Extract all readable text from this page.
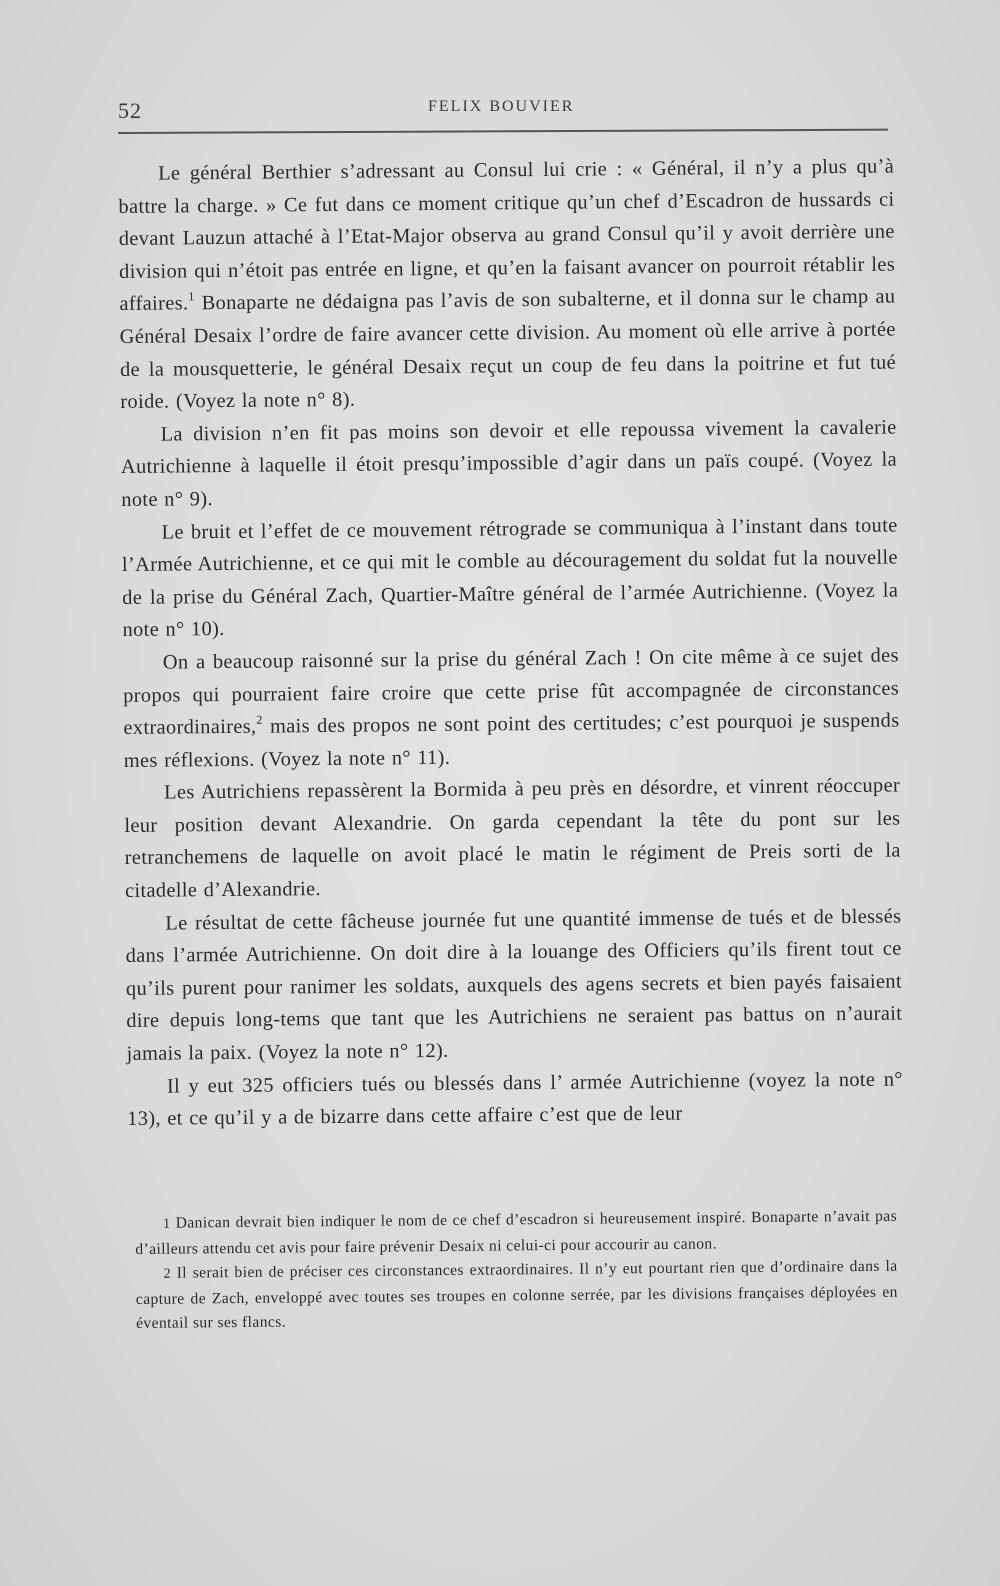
52	FELIX BOUVIER

Le général Berthier s’adressant au Consul lui crie : « Général, il n’y a plus qu’à battre la charge. » Ce fut dans ce moment critique qu’un chef d’Escadron de hussards ci devant Lauzun attaché à l’Etat-Major observa au grand Consul qu’il y avoit derrière une division qui n’étoit pas entrée en ligne, et qu’en la faisant avancer on pourroit rétablir les affaires.$^1$ Bonaparte ne dédaigna pas l’avis de son subalterne, et il donna sur le champ au Général Desaix l’ordre de faire avancer cette division. Au moment où elle arrive à portée de la mousquetterie, le général Desaix reçut un coup de feu dans la poitrine et fut tué roide. (Voyez la note n° 8).

La division n’en fit pas moins son devoir et elle repoussa vivement la cavalerie Autrichienne à laquelle il étoit presqu’impossible d’agir dans un païs coupé. (Voyez la note n° 9).

Le bruit et l’effet de ce mouvement rétrograde se communiqua à l’instant dans toute l’Armée Autrichienne, et ce qui mit le comble au découragement du soldat fut la nouvelle de la prise du Général Zach, Quartier-Maître général de l’armée Autrichienne. (Voyez la note n° 10).

On a beaucoup raisonné sur la prise du général Zach ! On cite même à ce sujet des propos qui pourraient faire croire que cette prise fût accompagnée de circonstances extraordinaires,$^2$ mais des propos ne sont point des certitudes; c’est pourquoi je suspends mes réflexions. (Voyez la note n° 11).

Les Autrichiens repassèrent la Bormida à peu près en désordre, et vinrent réoccuper leur position devant Alexandrie. On garda cependant la tête du pont sur les retranchemens de laquelle on avoit placé le matin le régiment de Preis sorti de la citadelle d’Alexandrie.

Le résultat de cette fâcheuse journée fut une quantité immense de tués et de blessés dans l’armée Autrichienne. On doit dire à la louange des Officiers qu’ils firent tout ce qu’ils purent pour ranimer les soldats, auxquels des agens secrets et bien payés faisaient dire depuis long-tems que tant que les Autrichiens ne seraient pas battus on n’aurait jamais la paix. (Voyez la note n° 12).

Il y eut 325 officiers tués ou blessés dans l’ armée Autrichienne (voyez la note n° 13), et ce qu’il y a de bizarre dans cette affaire c’est que de leur

1 Danican devrait bien indiquer le nom de ce chef d’escadron si heureusement inspiré. Bonaparte n’avait pas d’ailleurs attendu cet avis pour faire prévenir Desaix ni celui-ci pour accourir au canon.

2 Il serait bien de préciser ces circonstances extraordinaires. Il n’y eut pourtant rien que d’ordinaire dans la capture de Zach, enveloppé avec toutes ses troupes en colonne serrée, par les divisions françaises déployées en éventail sur ses flancs.
